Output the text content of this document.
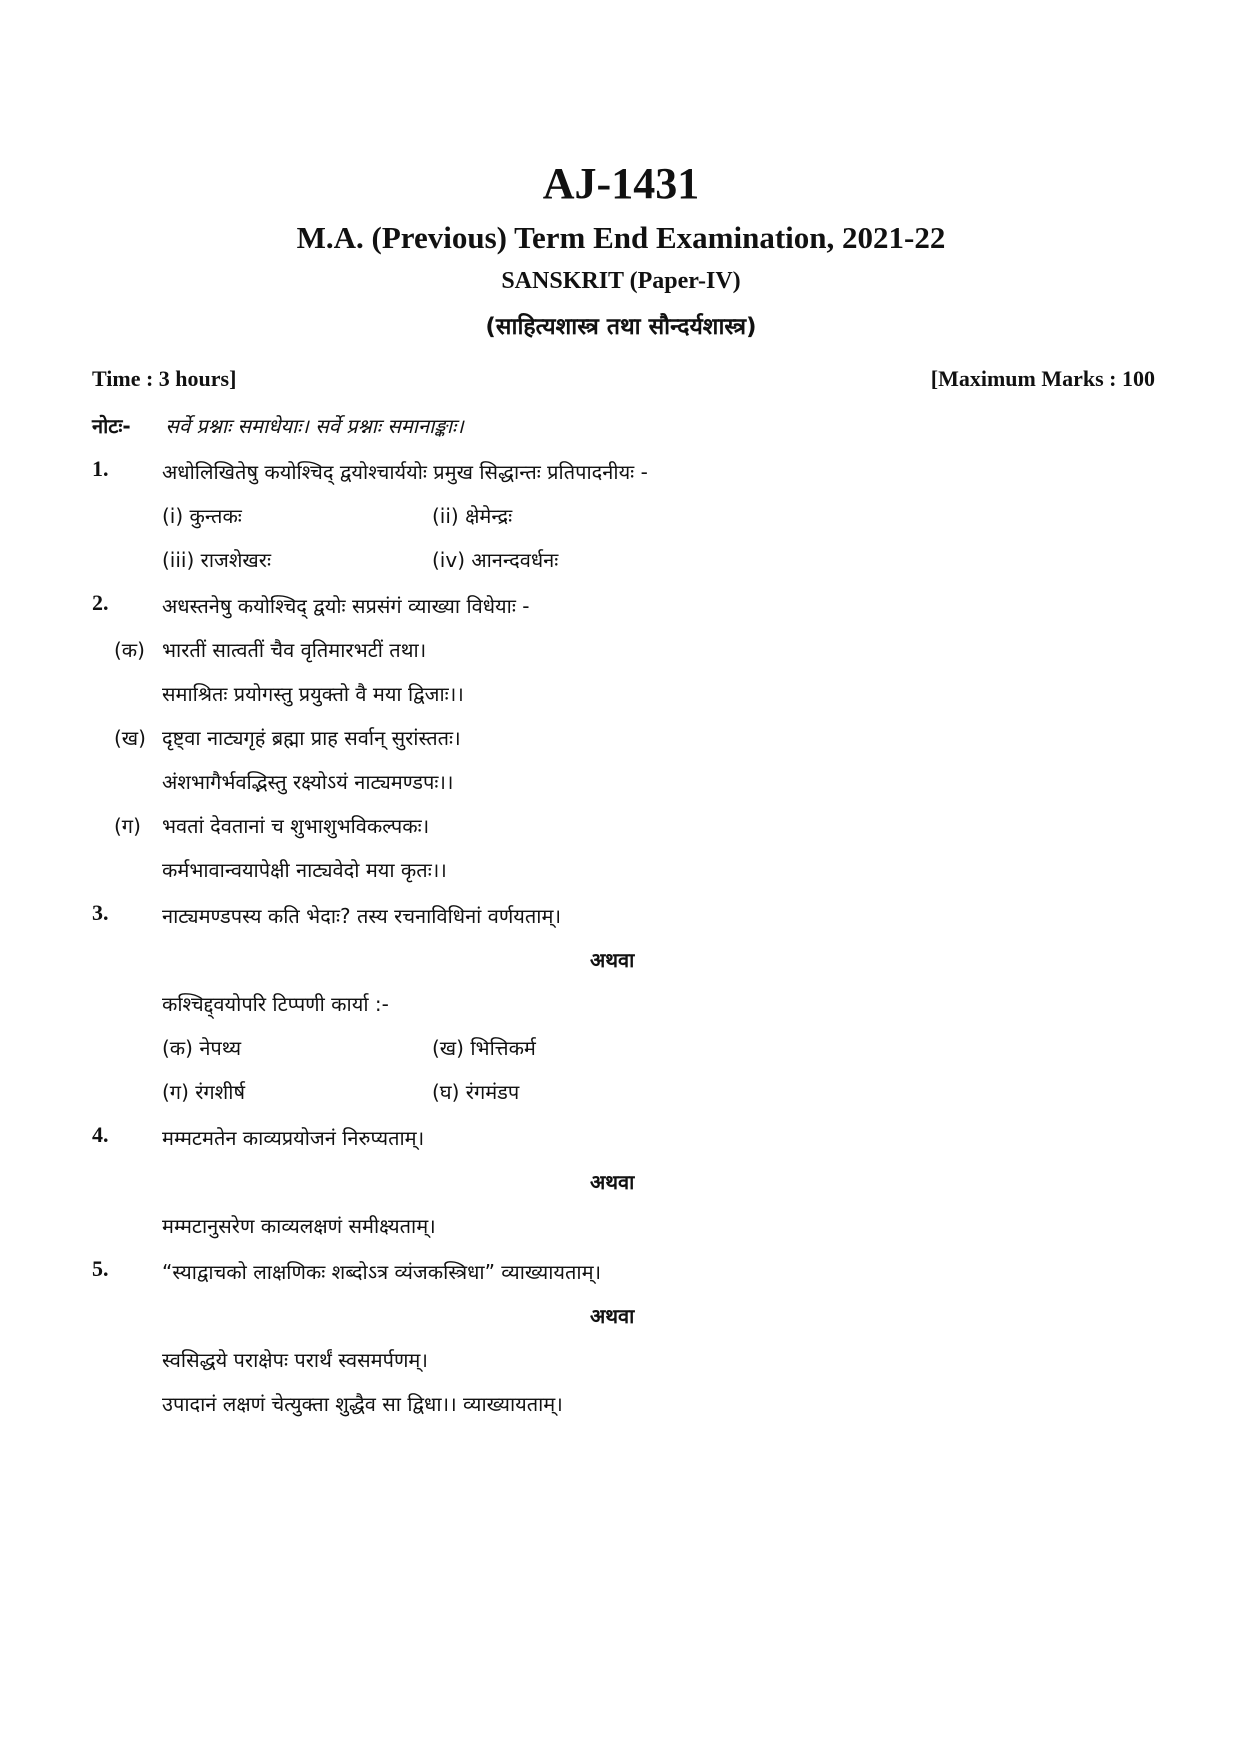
AJ-1431
M.A. (Previous) Term End Examination, 2021-22
SANSKRIT (Paper-IV)
(साहित्यशास्त्र तथा सौन्दर्यशास्त्र)
Time : 3 hours]	[Maximum Marks : 100
नोटः- सर्वे प्रश्नाः समाधेयाः। सर्वे प्रश्नाः समानाङ्काः।
1.	अधोलिखितेषु कयोश्चिद् द्वयोश्चार्ययोः प्रमुख सिद्धान्तः प्रतिपादनीयः -
(i) कुन्तकः	(ii) क्षेमेन्द्रः
(iii) राजशेखरः	(iv) आनन्दवर्धनः
2.	अधस्तनेषु कयोश्चिद् द्वयोः सप्रसंगं व्याख्या विधेयाः -
(क) भारतीं सात्वतीं चैव वृतिमारभटीं तथा।
समाश्रितः प्रयोगस्तु प्रयुक्तो वै मया द्विजाः।।
(ख) दृष्ट्वा नाट्यगृहं ब्रह्मा प्राह सर्वान् सुरांस्ततः।
अंशभागैर्भवद्भिस्तु रक्ष्योऽयं नाट्यमण्डपः।।
(ग) भवतां देवतानां च शुभाशुभविकल्पकः।
कर्मभावान्वयापेक्षी नाट्यवेदो मया कृतः।।
3.	नाट्यमण्डपस्य कति भेदाः? तस्य रचनाविधिनां वर्णयताम्।
अथवा
कश्चिद्द्वयोपरि टिप्पणी कार्या :-
(क) नेपथ्य	(ख) भित्तिकर्म
(ग) रंगशीर्ष	(घ) रंगमंडप
4.	मम्मटमतेन काव्यप्रयोजनं निरुप्यताम्।
अथवा
मम्मटानुसरेण काव्यलक्षणं समीक्ष्यताम्।
5.	“स्याद्वाचको लाक्षणिकः शब्दोऽत्र व्यंजकस्त्रिधा” व्याख्यायताम्।
अथवा
स्वसिद्धये पराक्षेपः परार्थं स्वसमर्पणम्।
उपादानं लक्षणं चेत्युक्ता शुद्धैव सा द्विधा।। व्याख्यायताम्।
